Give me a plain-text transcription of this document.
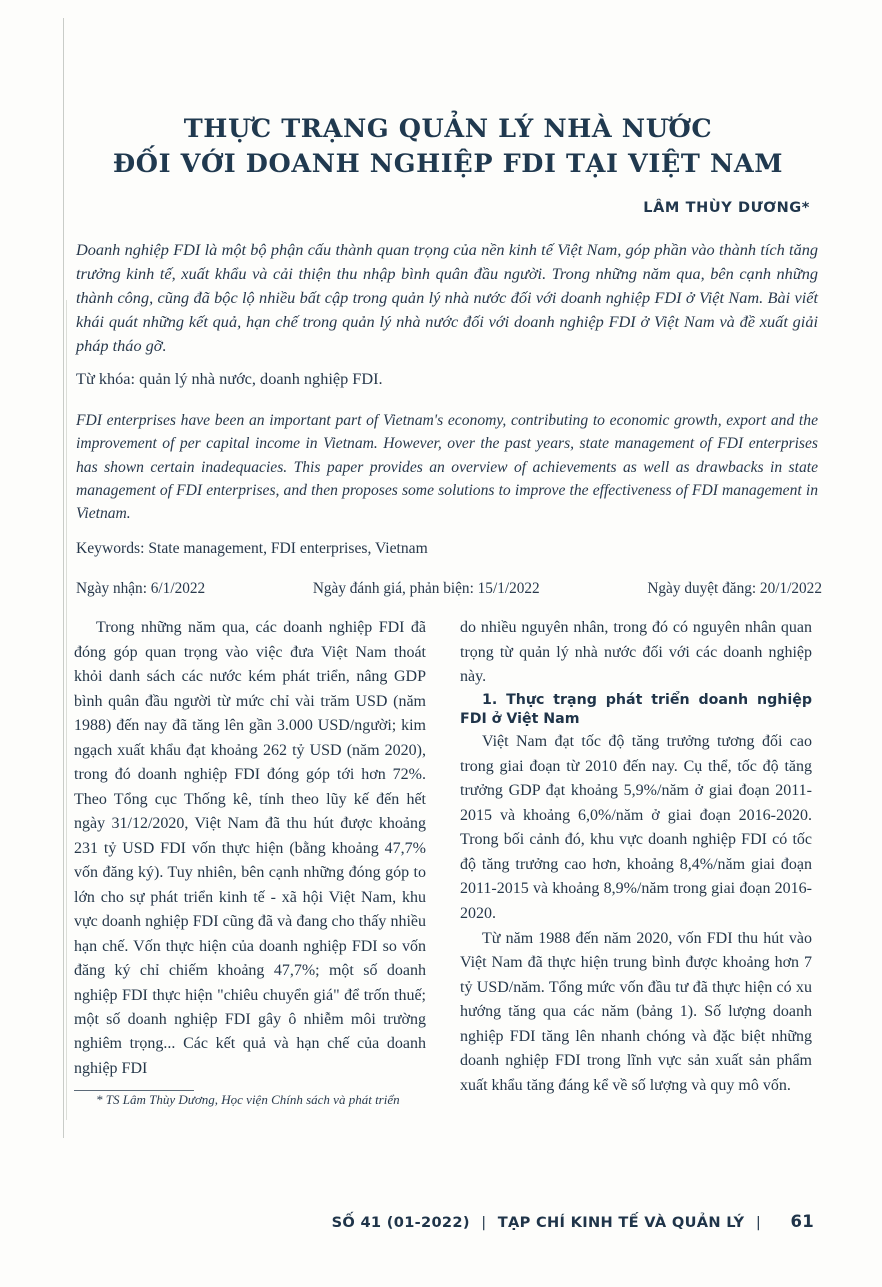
THỰC TRẠNG QUẢN LÝ NHÀ NƯỚC
ĐỐI VỚI DOANH NGHIỆP FDI TẠI VIỆT NAM
LÂM THÙY DƯƠNG*

Doanh nghiệp FDI là một bộ phận cấu thành quan trọng của nền kinh tế Việt Nam, góp phần vào thành tích tăng trưởng kinh tế, xuất khẩu và cải thiện thu nhập bình quân đầu người. Trong những năm qua, bên cạnh những thành công, cũng đã bộc lộ nhiều bất cập trong quản lý nhà nước đối với doanh nghiệp FDI ở Việt Nam. Bài viết khái quát những kết quả, hạn chế trong quản lý nhà nước đối với doanh nghiệp FDI ở Việt Nam và đề xuất giải pháp tháo gỡ.

Từ khóa: quản lý nhà nước, doanh nghiệp FDI.

FDI enterprises have been an important part of Vietnam's economy, contributing to economic growth, export and the improvement of per capital income in Vietnam. However, over the past years, state management of FDI enterprises has shown certain inadequacies. This paper provides an overview of achievements as well as drawbacks in state management of FDI enterprises, and then proposes some solutions to improve the effectiveness of FDI management in Vietnam.

Keywords: State management, FDI enterprises, Vietnam

Ngày nhận: 6/1/2022	Ngày đánh giá, phản biện: 15/1/2022	Ngày duyệt đăng: 20/1/2022

Trong những năm qua, các doanh nghiệp FDI đã đóng góp quan trọng vào việc đưa Việt Nam thoát khỏi danh sách các nước kém phát triển, nâng GDP bình quân đầu người từ mức chỉ vài trăm USD (năm 1988) đến nay đã tăng lên gần 3.000 USD/người; kim ngạch xuất khẩu đạt khoảng 262 tỷ USD (năm 2020), trong đó doanh nghiệp FDI đóng góp tới hơn 72%. Theo Tổng cục Thống kê, tính theo lũy kế đến hết ngày 31/12/2020, Việt Nam đã thu hút được khoảng 231 tỷ USD FDI vốn thực hiện (bằng khoảng 47,7% vốn đăng ký). Tuy nhiên, bên cạnh những đóng góp to lớn cho sự phát triển kinh tế - xã hội Việt Nam, khu vực doanh nghiệp FDI cũng đã và đang cho thấy nhiều hạn chế. Vốn thực hiện của doanh nghiệp FDI so vốn đăng ký chỉ chiếm khoảng 47,7%; một số doanh nghiệp FDI thực hiện "chiêu chuyển giá" để trốn thuế; một số doanh nghiệp FDI gây ô nhiễm môi trường nghiêm trọng... Các kết quả và hạn chế của doanh nghiệp FDI

* TS Lâm Thùy Dương, Học viện Chính sách và phát triển

do nhiều nguyên nhân, trong đó có nguyên nhân quan trọng từ quản lý nhà nước đối với các doanh nghiệp này.

1. Thực trạng phát triển doanh nghiệp FDI ở Việt Nam

Việt Nam đạt tốc độ tăng trưởng tương đối cao trong giai đoạn từ 2010 đến nay. Cụ thể, tốc độ tăng trưởng GDP đạt khoảng 5,9%/năm ở giai đoạn 2011-2015 và khoảng 6,0%/năm ở giai đoạn 2016-2020. Trong bối cảnh đó, khu vực doanh nghiệp FDI có tốc độ tăng trưởng cao hơn, khoảng 8,4%/năm giai đoạn 2011-2015 và khoảng 8,9%/năm trong giai đoạn 2016-2020.

Từ năm 1988 đến năm 2020, vốn FDI thu hút vào Việt Nam đã thực hiện trung bình được khoảng hơn 7 tỷ USD/năm. Tổng mức vốn đầu tư đã thực hiện có xu hướng tăng qua các năm (bảng 1). Số lượng doanh nghiệp FDI tăng lên nhanh chóng và đặc biệt những doanh nghiệp FDI trong lĩnh vực sản xuất sản phẩm xuất khẩu tăng đáng kể về số lượng và quy mô vốn.

SỐ 41 (01-2022) | TẠP CHÍ KINH TẾ VÀ QUẢN LÝ | 61
